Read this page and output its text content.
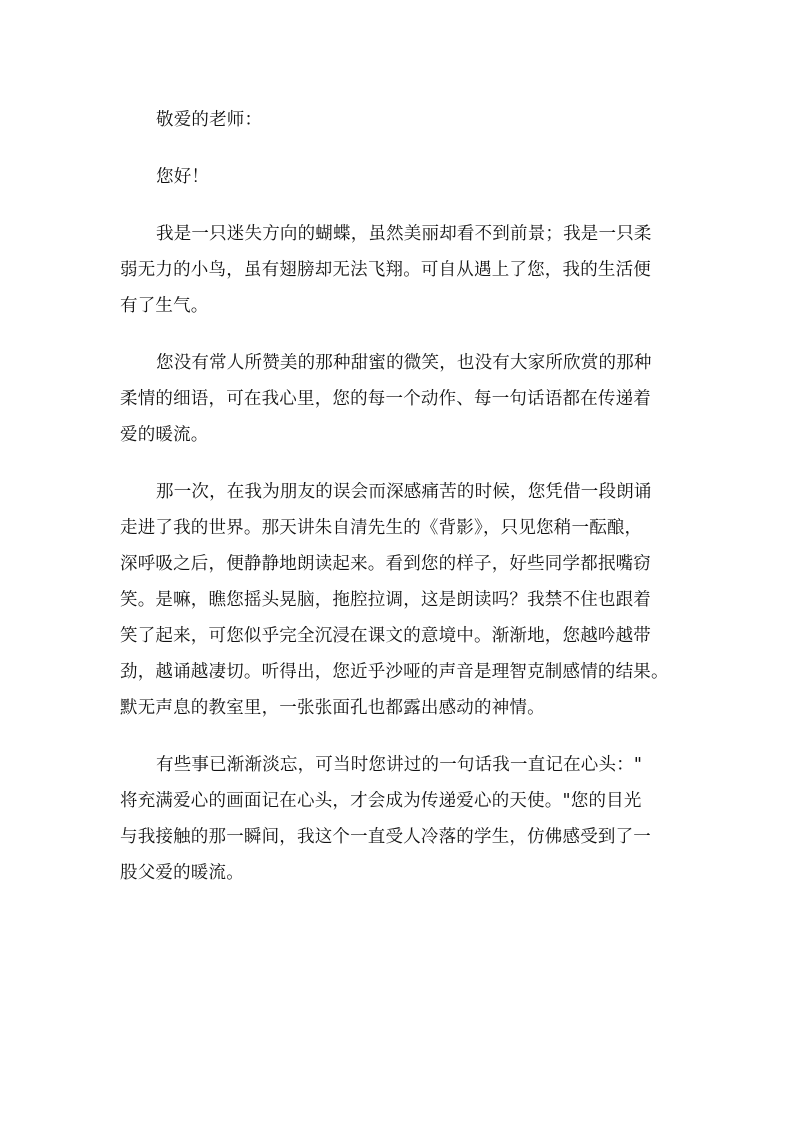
敬爱的老师：
您好！
我是一只迷失方向的蝴蝶，虽然美丽却看不到前景；我是一只柔
弱无力的小鸟，虽有翅膀却无法飞翔。可自从遇上了您，我的生活便
有了生气。
您没有常人所赞美的那种甜蜜的微笑，也没有大家所欣赏的那种
柔情的细语，可在我心里，您的每一个动作、每一句话语都在传递着
爱的暖流。
那一次，在我为朋友的误会而深感痛苦的时候，您凭借一段朗诵
走进了我的世界。那天讲朱自清先生的《背影》，只见您稍一酝酿，
深呼吸之后，便静静地朗读起来。看到您的样子，好些同学都抿嘴窃
笑。是嘛，瞧您摇头晃脑，拖腔拉调，这是朗读吗？我禁不住也跟着
笑了起来，可您似乎完全沉浸在课文的意境中。渐渐地，您越吟越带
劲，越诵越凄切。听得出，您近乎沙哑的声音是理智克制感情的结果。
默无声息的教室里，一张张面孔也都露出感动的神情。
有些事已渐渐淡忘，可当时您讲过的一句话我一直记在心头："
将充满爱心的画面记在心头，才会成为传递爱心的天使。"您的目光
与我接触的那一瞬间，我这个一直受人冷落的学生，仿佛感受到了一
股父爱的暖流。
